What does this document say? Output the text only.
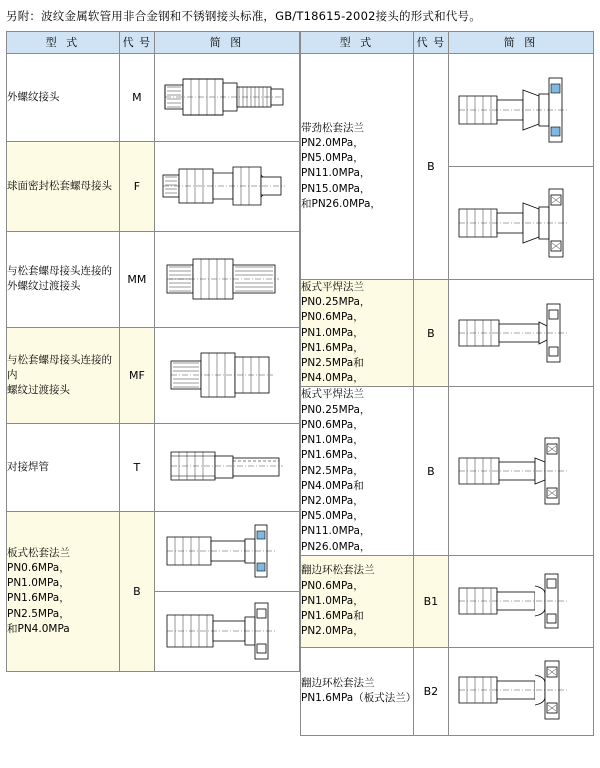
另附：波纹金属软管用非合金钢和不锈钢接头标准，GB/T18615-2002接头的形式和代号。
型 式	代 号	简 图
外螺纹接头	M	

球面密封松套螺母接头	F	

与松套螺母接头连接的
外螺纹过渡接头	MM	

与松套螺母接头连接的内
螺纹过渡接头	MF	

对接焊管	T	

板式松套法兰
PN0.6MPa，PN1.0MPa，
PN1.6MPa，PN2.5MPa，
和PN4.0MPa	B	

型 式	代 号	简 图
带劲松套法兰
PN2.0MPa，PN5.0MPa，
PN11.0MPa，PN15.0MPa，
和PN26.0MPa，	B	

板式平焊法兰
PN0.25MPa，PN0.6MPa，
PN1.0MPa，PN1.6MPa，
PN2.5MPa和PN4.0MPa，	B	

板式平焊法兰
PN0.25MPa，PN0.6MPa，
PN1.0MPa，PN1.6MPa、
PN2.5MPa，PN4.0MPa和
PN2.0MPa，PN5.0MPa，
PN11.0MPa，PN26.0MPa，	B	

翻边环松套法兰
PN0.6MPa，PN1.0MPa，
PN1.6MPa和PN2.0MPa，	B1	

翻边环松套法兰
PN1.6MPa（板式法兰）	B2	
